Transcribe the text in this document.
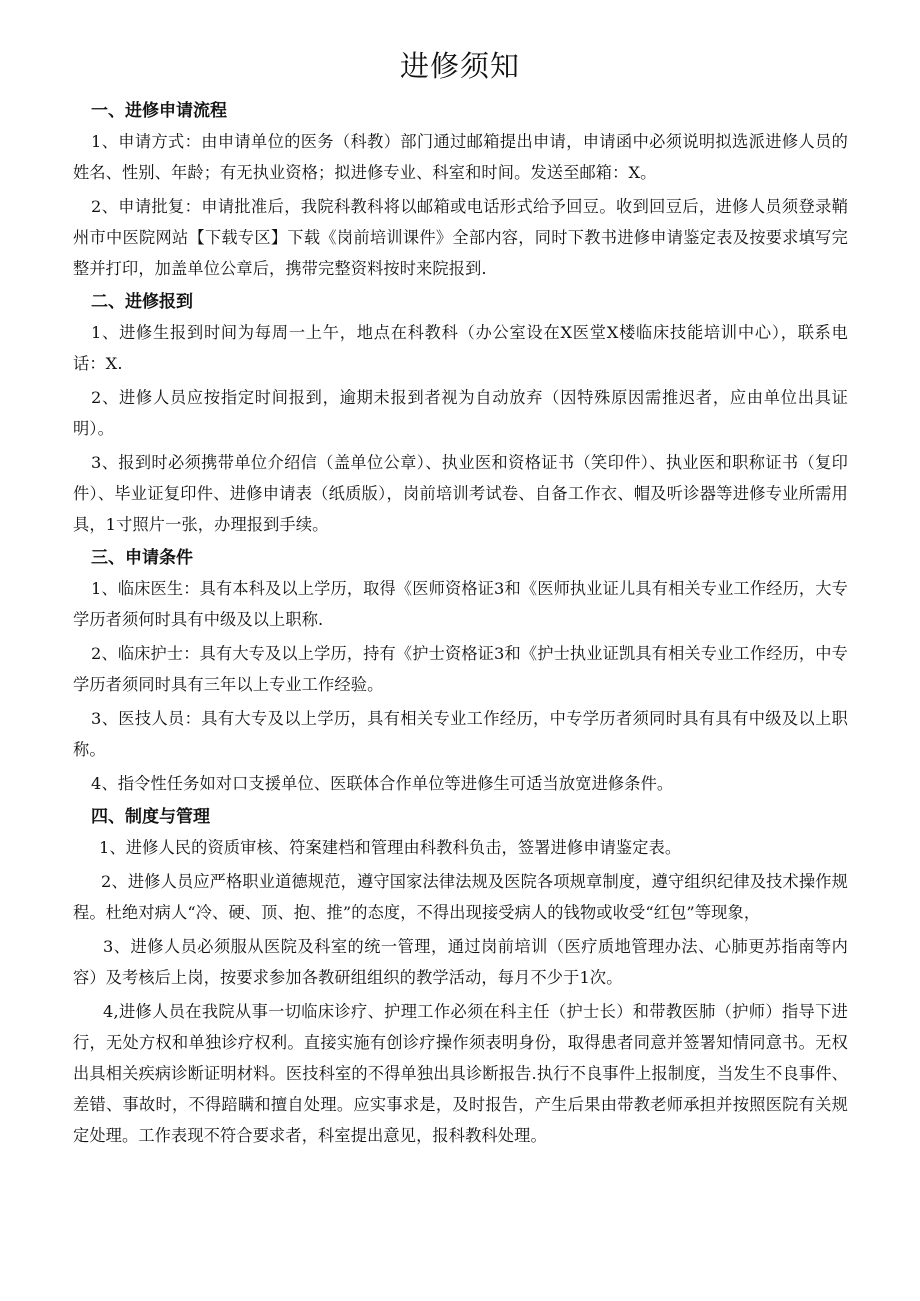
进修须知
一、进修申请流程

1、申请方式：由申请单位的医务（科教）部门通过邮箱提出申请，申请函中必须说明拟选派进修人员的姓名、性别、年龄；有无执业资格；拟进修专业、科室和时间。发送至邮箱：X。

2、申请批复：申请批准后，我院科教科将以邮箱或电话形式给予回豆。收到回豆后，进修人员须登录鞘州市中医院网站【下载专区】下载《岗前培训课件》全部内容，同时下教书进修申请鉴定表及按要求填写完整并打印，加盖单位公章后，携带完整资料按时来院报到.

二、进修报到

1、进修生报到时间为每周一上午，地点在科教科（办公室设在X医堂X楼临床技能培训中心），联系电话：X.

2、进修人员应按指定时间报到，逾期未报到者视为自动放弃（因特殊原因需推迟者，应由单位出具证明）。

3、报到时必须携带单位介绍信（盖单位公章）、执业医和资格证书（笑印件）、执业医和职称证书（复印件）、毕业证复印件、进修申请表（纸质版），岗前培训考试卷、自备工作衣、帽及听诊器等进修专业所需用具，1寸照片一张，办理报到手续。

三、申请条件

1、临床医生：具有本科及以上学历，取得《医师资格证3和《医师执业证儿具有相关专业工作经历，大专学历者须何时具有中级及以上职称.

2、临床护士：具有大专及以上学历，持有《护士资格证3和《护士执业证凯具有相关专业工作经历，中专学历者须同时具有三年以上专业工作经验。

3、医技人员：具有大专及以上学历，具有相关专业工作经历，中专学历者须同时具有具有中级及以上职称。

4、指令性任务如对口支援单位、医联体合作单位等进修生可适当放宽进修条件。

四、制度与管理

1、进修人民的资质审核、符案建档和管理由科教科负击，签署进修申请鉴定表。

2、进修人员应严格职业道德规范，遵守国家法律法规及医院各项规章制度，遵守组织纪律及技术操作规程。杜绝对病人“冷、硬、顶、抱、推”的态度，不得出现接受病人的钱物或收受“红包”等现象，

3、进修人员必须服从医院及科室的统一管理，通过岗前培训（医疗质地管理办法、心肺更苏指南等内容）及考核后上岗，按要求参加各教研组组织的教学活动，每月不少于1次。

4,进修人员在我院从事一切临床诊疗、护理工作必须在科主任（护士长）和带教医肺（护师）指导下进行，无处方权和单独诊疗权利。直接实施有创诊疗操作须表明身份，取得患者同意并签署知情同意书。无权出具相关疾病诊断证明材料。医技科室的不得单独出具诊断报告.执行不良事件上报制度，当发生不良事件、差错、事故时，不得踣瞒和擅自处理。应实事求是，及时报告，产生后果由带教老师承担并按照医院有关规定处理。工作表现不符合要求者，科室提出意见，报科教科处理。
